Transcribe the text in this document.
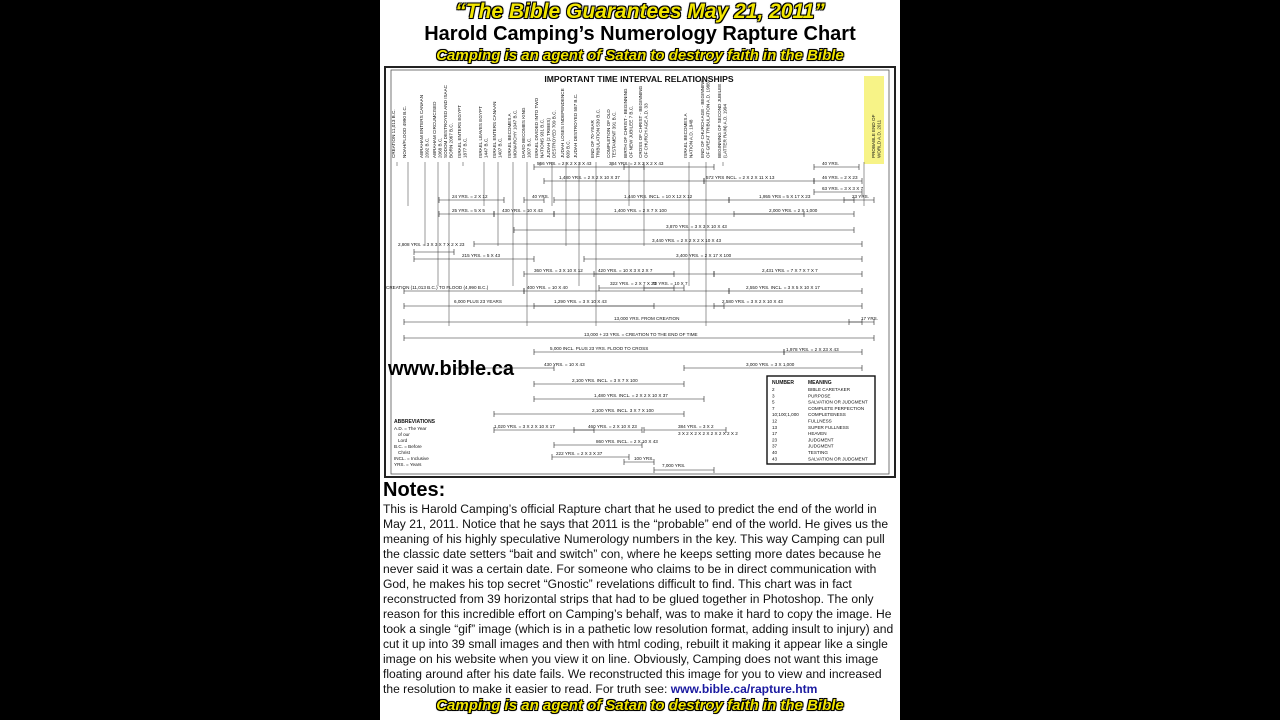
“The Bible Guarantees May 21, 2011”
Harold Camping’s Numerology Rapture Chart
Camping is an agent of Satan to destroy faith in the Bible
IMPORTANT TIME INTERVAL RELATIONSHIPS
CREATION 11,013 B.C. NOAH/FLOOD 4990 B.C.	ABRAHAM ENTERS CANAAN 2092 B.C. ABRAHAM CIRCUMCISED 2068 B.C. SODOM DESTROYED AND ISAAC BORN 2067 B.C. ISRAEL ENTERS EGYPT 1877 B.C. ISRAEL LEAVES EGYPT 1447 B.C. ISRAEL ENTERS CANAAN 1407 B.C. ISRAEL BECOMES A MONARCHY 1047 B.C. DAVID BECOMES KING 1007 B.C. ISRAEL DIVIDED INTO TWO NATIONS 931 B.C. JUDAH (2 TRIBES) DESTROYED 709 B.C. JUDAH LOSES INDEPENDENCE 609 B.C. JUDAH DESTROYED 587 B.C.	END OF 70-YEAR TRIBULATION 539 B.C. COMPLETION OF OLD TESTAMENT 391 B.C. BIRTH OF CHRIST - BEGINNING OF NEW JUBILEE 7 B.C. CROSS OF CHRIST - BEGINNING OF CHURCH AGE A.D. 33	ISRAEL BECOMES A NATION A.D. 1948 END OF CHURCH AGE - BEGINNING OF GREAT TRIBULATION A.D. 1988 BEGINNING OF SECOND JUBILEE (LATTER RAIN) A.D. 1994	PROBABLE END OF WORLD A.D. 2011
566 YRS. = 2 X 2 X 3 X 43	344 YRS. = 2 X 2 X 2 X 43
1,480 YRS. = 2 X 2 X 10 X 37	572 YRS INCL. = 2 X 2 X 11 X 13
40 YRS.
46 YRS. = 2 X 23
63 YRS. = 3 X 3 X 7
24 YRS. = 2 X 12	40 YRS.	1,440 YRS. INCL. = 10 X 12 X 12	1,955 YRS = 5 X 17 X 23	23 YRS.
25 YRS. = 5 X 5	430 YRS. = 10 X 43	1,400 YRS. = 2 X 7 X 100	2,000 YRS. = 2 X 1,000
3,870 YRS. = 3 X 3 X 10 X 43
3,440 YRS. = 2 X 2 X 2 X 10 X 43
2,808 YRS. = 3 X 3 X 7 X 2 X 23
3,400 YRS. = 2 X 17 X 100
215 YRS. = 5 X 43
360 YRS. = 3 X 10 X 12	420 YRS. = 10 X 3 X 2 X 7	2,431 YRS. = 7 X 7 X 7 X 7
322 YRS. = 2 X 7 X 23
70 YRS. = 10 X 7
CREATION (11,013 B.C.) TO FLOOD (4,990 B.C.)	400 YRS. = 10 X 40	2,550 YRS. INCL. = 3 X 5 X 10 X 17
6,000 PLUS 23 YEARS	1,290 YRS. = 3 X 10 X 43	2,580 YRS. = 3 X 2 X 10 X 43
13,000 YRS. FROM CREATION	17 YRS.
13,000 + 23 YRS. = CREATION TO THE END OF TIME
5,000 INCL. PLUS 23 YRS. FLOOD TO CROSS	1,978 YRS. = 2 X 23 X 43
430 YRS. = 10 X 43	3,000 YRS. = 3 X 1,000
2,100 YRS. INCL. = 3 X 7 X 100
1,480 YRS. INCL. = 2 X 2 X 10 X 37
2,100 YRS. INCL. 3 X 7 X 100
1,020 YRS. = 3 X 2 X 10 X 17	460 YRS. = 2 X 10 X 23	384 YRS. = 3 X 2
3 X 2 X 2 X 2 X 2 X 2 X 2 X 2
860 YRS. INCL. = 2 X 10 X 43
222 YRS. = 2 X 3 X 37
100 YRS.
7,000 YRS.
www.bible.ca
ABBREVIATIONS
A.D. = The Year
of our
Lord
B.C. = Before
Christ
INCL. = Inclusive
YRS. = Years
NUMBER	MEANING
2	BIBLE CARETAKER
3	PURPOSE
5	SALVATION OR JUDGMENT
7	COMPLETE PERFECTION
10;100;1,000 COMPLETENESS
12	FULLNESS
13	SUPER FULLNESS
17	HEAVEN
23	JUDGMENT
37	JUDGMENT
40	TESTING
43	SALVATION OR JUDGMENT
Notes:
This is Harold Camping’s official Rapture chart that he used to predict the end of the world in May 21, 2011. Notice that he says that 2011 is the “probable” end of the world. He gives us the meaning of his highly speculative Numerology numbers in the key. This way Camping can pull the classic date setters “bait and switch” con, where he keeps setting more dates because he never said it was a certain date. For someone who claims to be in direct communication with God, he makes his top secret “Gnostic” revelations difficult to find. This chart was in fact reconstructed from 39 horizontal strips that had to be glued together in Photoshop. The only reason for this incredible effort on Camping’s behalf, was to make it hard to copy the image. He took a single “gif” image (which is in a pathetic low resolution format, adding insult to injury) and cut it up into 39 small images and then with html coding, rebuilt it making it appear like a single image on his website when you view it on line. Obviously, Camping does not want this image floating around after his date fails. We reconstructed this image for you to view and increased the resolution to make it easier to read. For truth see: www.bible.ca/rapture.htm
Camping is an agent of Satan to destroy faith in the Bible
